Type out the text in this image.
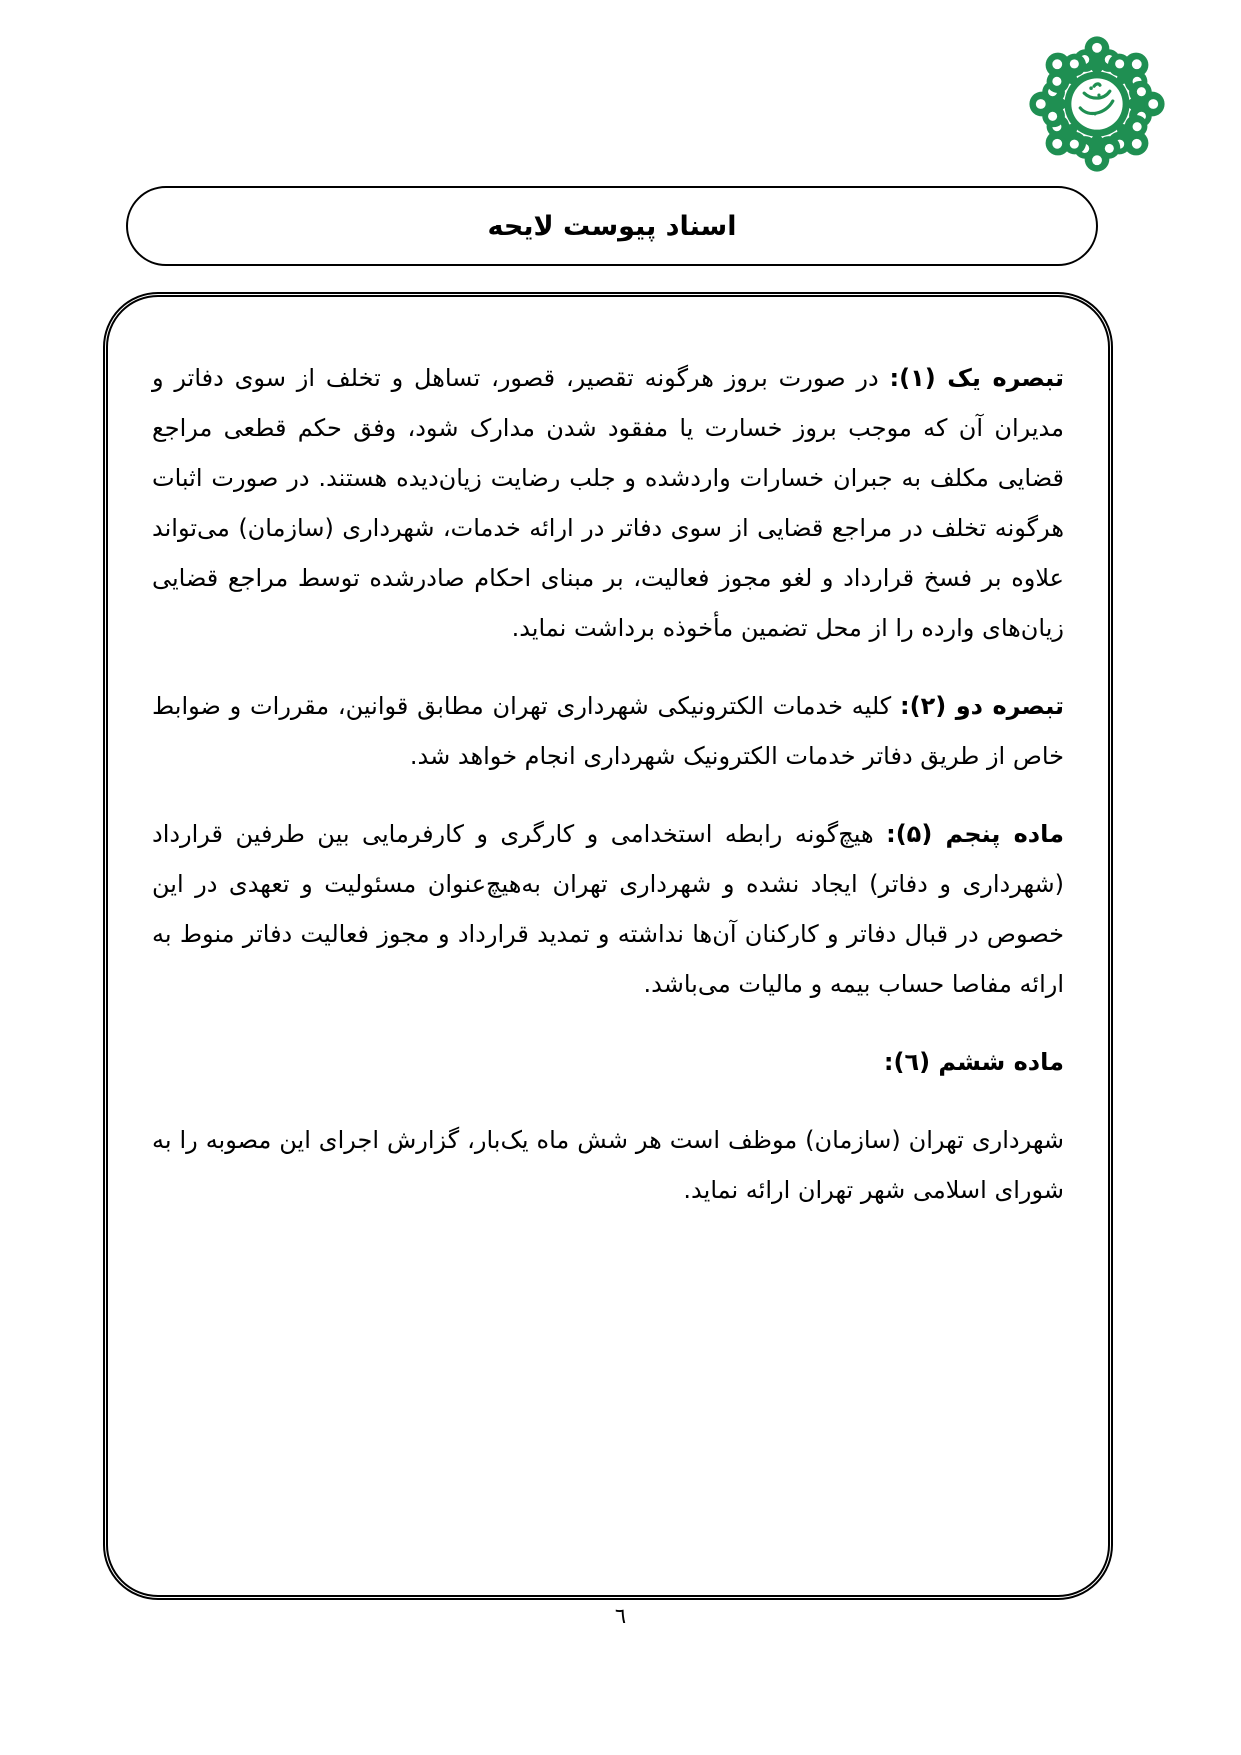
اسناد پیوست لایحه

تبصره یک (۱): در صورت بروز هرگونه تقصیر، قصور، تساهل و تخلف از سوی دفاتر و مدیران آن که موجب بروز خسارت یا مفقود شدن مدارک شود، وفق حکم قطعی مراجع قضایی مکلف به جبران خسارات واردشده و جلب رضایت زیان‌دیده هستند. در صورت اثبات هرگونه تخلف در مراجع قضایی از سوی دفاتر در ارائه خدمات، شهرداری (سازمان) می‌تواند علاوه بر فسخ قرارداد و لغو مجوز فعالیت، بر مبنای احکام صادرشده توسط مراجع قضایی زیان‌های وارده را از محل تضمین مأخوذه برداشت نماید.

تبصره دو (۲): کلیه خدمات الکترونیکی شهرداری تهران مطابق قوانین، مقررات و ضوابط خاص از طریق دفاتر خدمات الکترونیک شهرداری انجام خواهد شد.

ماده پنجم (۵): هیچ‌گونه رابطه استخدامی و کارگری و کارفرمایی بین طرفین قرارداد (شهرداری و دفاتر) ایجاد نشده و شهرداری تهران به‌هیچ‌عنوان مسئولیت و تعهدی در این خصوص در قبال دفاتر و کارکنان آن‌ها نداشته و تمدید قرارداد و مجوز فعالیت دفاتر منوط به ارائه مفاصا حساب بیمه و مالیات می‌باشد.

ماده ششم (٦):

شهرداری تهران (سازمان) موظف است هر شش ماه یک‌بار، گزارش اجرای این مصوبه را به شورای اسلامی شهر تهران ارائه نماید.

٦
